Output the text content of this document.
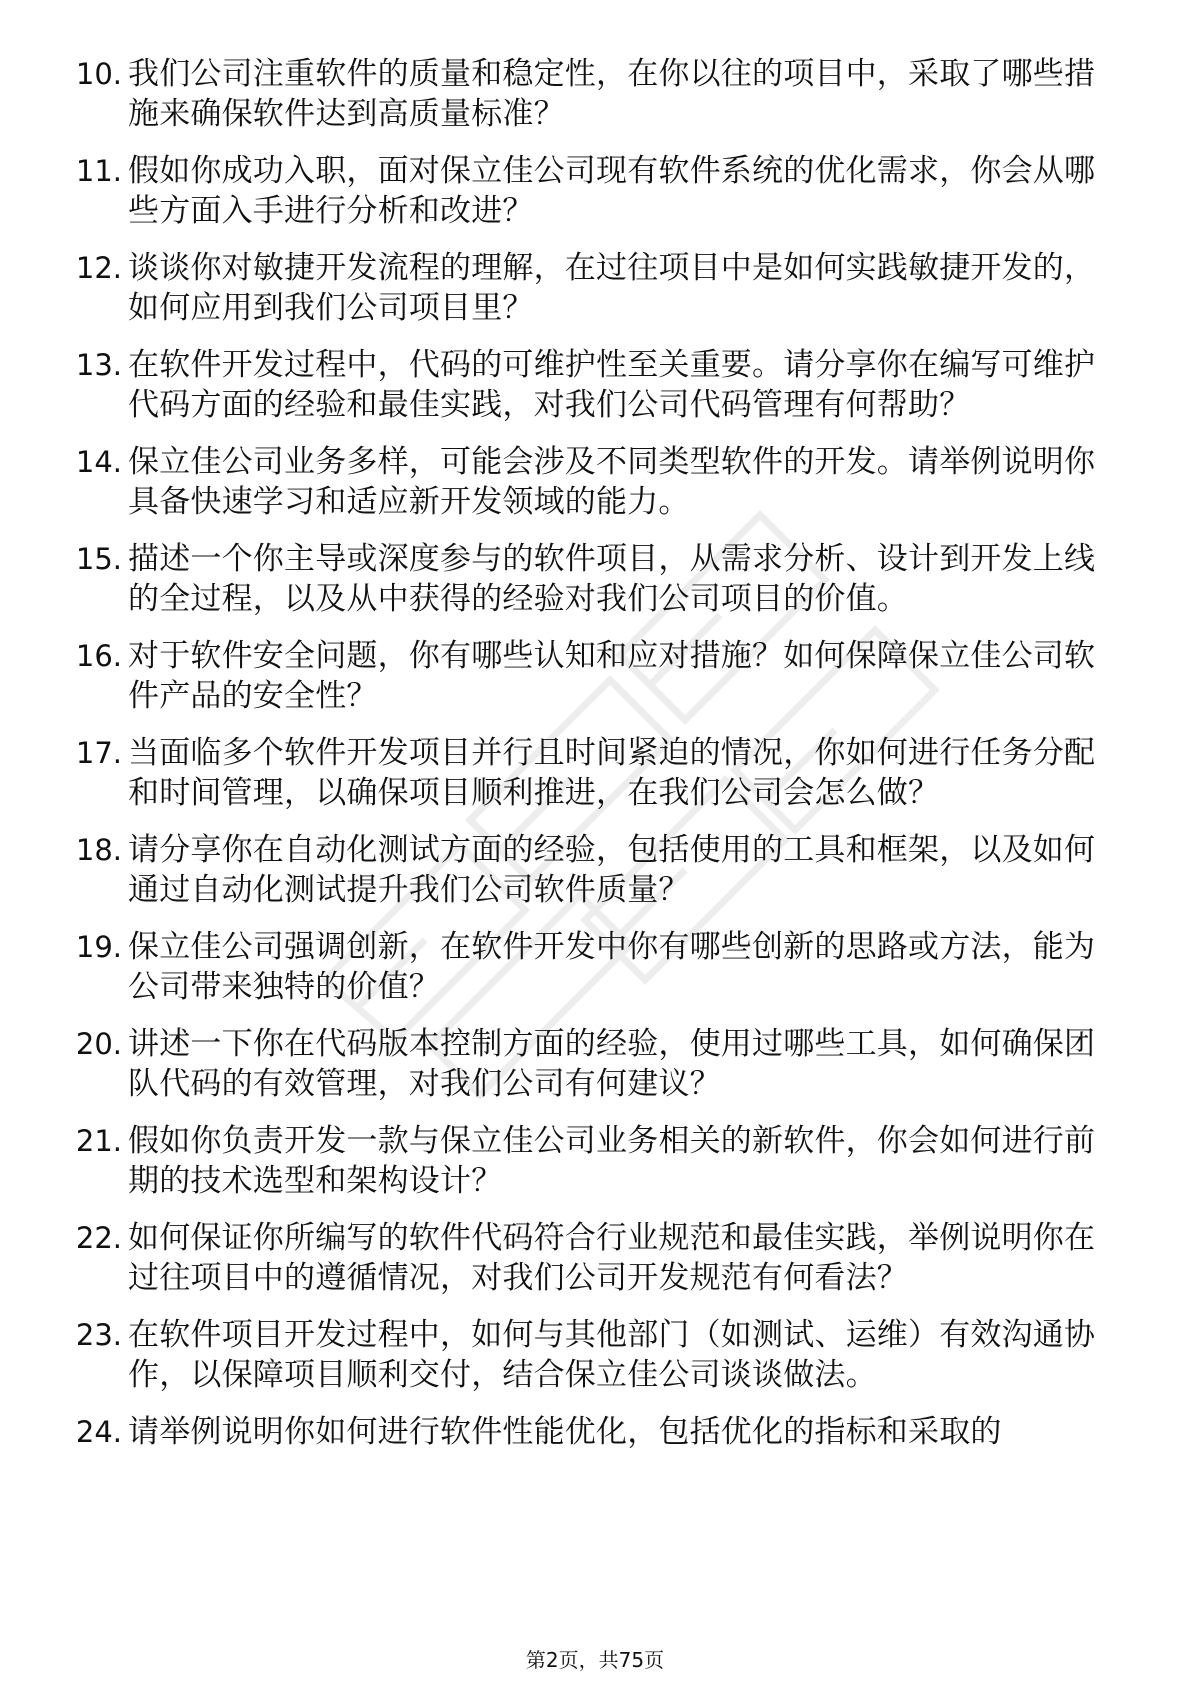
10. 我们公司注重软件的质量和稳定性，在你以往的项目中，采取了哪些措施来确保软件达到高质量标准？
11. 假如你成功入职，面对保立佳公司现有软件系统的优化需求，你会从哪些方面入手进行分析和改进？
12. 谈谈你对敏捷开发流程的理解，在过往项目中是如何实践敏捷开发的，如何应用到我们公司项目里？
13. 在软件开发过程中，代码的可维护性至关重要。请分享你在编写可维护代码方面的经验和最佳实践，对我们公司代码管理有何帮助？
14. 保立佳公司业务多样，可能会涉及不同类型软件的开发。请举例说明你具备快速学习和适应新开发领域的能力。
15. 描述一个你主导或深度参与的软件项目，从需求分析、设计到开发上线的全过程，以及从中获得的经验对我们公司项目的价值。
16. 对于软件安全问题，你有哪些认知和应对措施？如何保障保立佳公司软件产品的安全性？
17. 当面临多个软件开发项目并行且时间紧迫的情况，你如何进行任务分配和时间管理，以确保项目顺利推进，在我们公司会怎么做？
18. 请分享你在自动化测试方面的经验，包括使用的工具和框架，以及如何通过自动化测试提升我们公司软件质量？
19. 保立佳公司强调创新，在软件开发中你有哪些创新的思路或方法，能为公司带来独特的价值？
20. 讲述一下你在代码版本控制方面的经验，使用过哪些工具，如何确保团队代码的有效管理，对我们公司有何建议？
21. 假如你负责开发一款与保立佳公司业务相关的新软件，你会如何进行前期的技术选型和架构设计？
22. 如何保证你所编写的软件代码符合行业规范和最佳实践，举例说明你在过往项目中的遵循情况，对我们公司开发规范有何看法？
23. 在软件项目开发过程中，如何与其他部门（如测试、运维）有效沟通协作，以保障项目顺利交付，结合保立佳公司谈谈做法。
24. 请举例说明你如何进行软件性能优化，包括优化的指标和采取的
第2页，共75页
